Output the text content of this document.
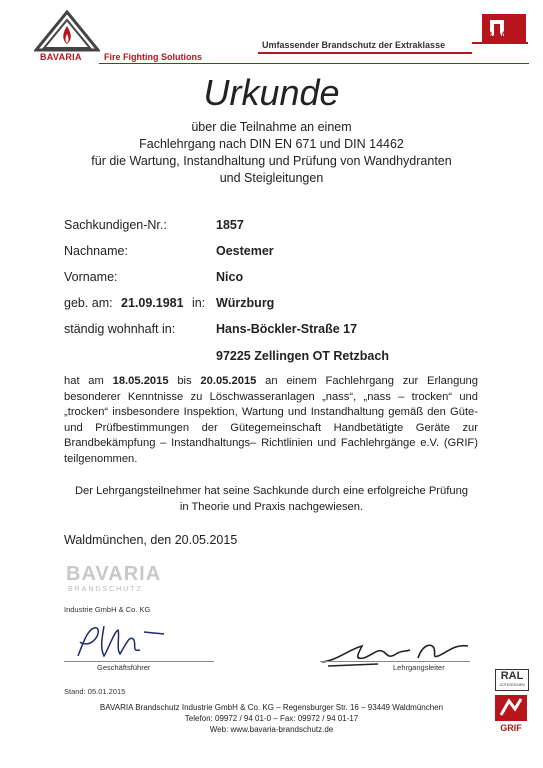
BAVARIA Fire Fighting Solutions
Umfassender Brandschutz der Extraklasse
BAVARIA
Urkunde
über die Teilnahme an einem
Fachlehrgang nach DIN EN 671 und DIN 14462
für die Wartung, Instandhaltung und Prüfung von Wandhydranten
und Steigleitungen
Sachkundigen-Nr.:	1857
Nachname:	Oestemer
Vorname:	Nico
geb. am: 21.09.1981 in: Würzburg
ständig wohnhaft in:	Hans-Böckler-Straße 17
97225 Zellingen OT Retzbach
hat am 18.05.2015 bis 20.05.2015 an einem Fachlehrgang zur Erlangung besonderer Kenntnisse zu Löschwasseranlagen „nass“, „nass – trocken“ und „trocken“ insbesondere Inspektion, Wartung und Instandhaltung gemäß den Güte- und Prüfbestimmungen der Gütegemeinschaft Handbetätigte Geräte zur Brandbekämpfung – Instandhaltungs– Richtlinien und Fachlehrgänge e.V. (GRIF) teilgenommen.
Der Lehrgangsteilnehmer hat seine Sachkunde durch eine erfolgreiche Prüfung
in Theorie und Praxis nachgewiesen.
Waldmünchen, den 20.05.2015
BAVARIA
BRANDSCHUTZ
Industrie GmbH & Co. KG
Geschäftsführer	Lehrgangsleiter
Stand: 05.01.2015
BAVARIA Brandschutz Industrie GmbH & Co. KG – Regensburger Str. 16 – 93449 Waldmünchen
Telefon: 09972 / 94 01-0 – Fax: 09972 / 94 01-17
Web: www.bavaria-brandschutz.de
RAL
GÜTEZEICHEN
GRIF
